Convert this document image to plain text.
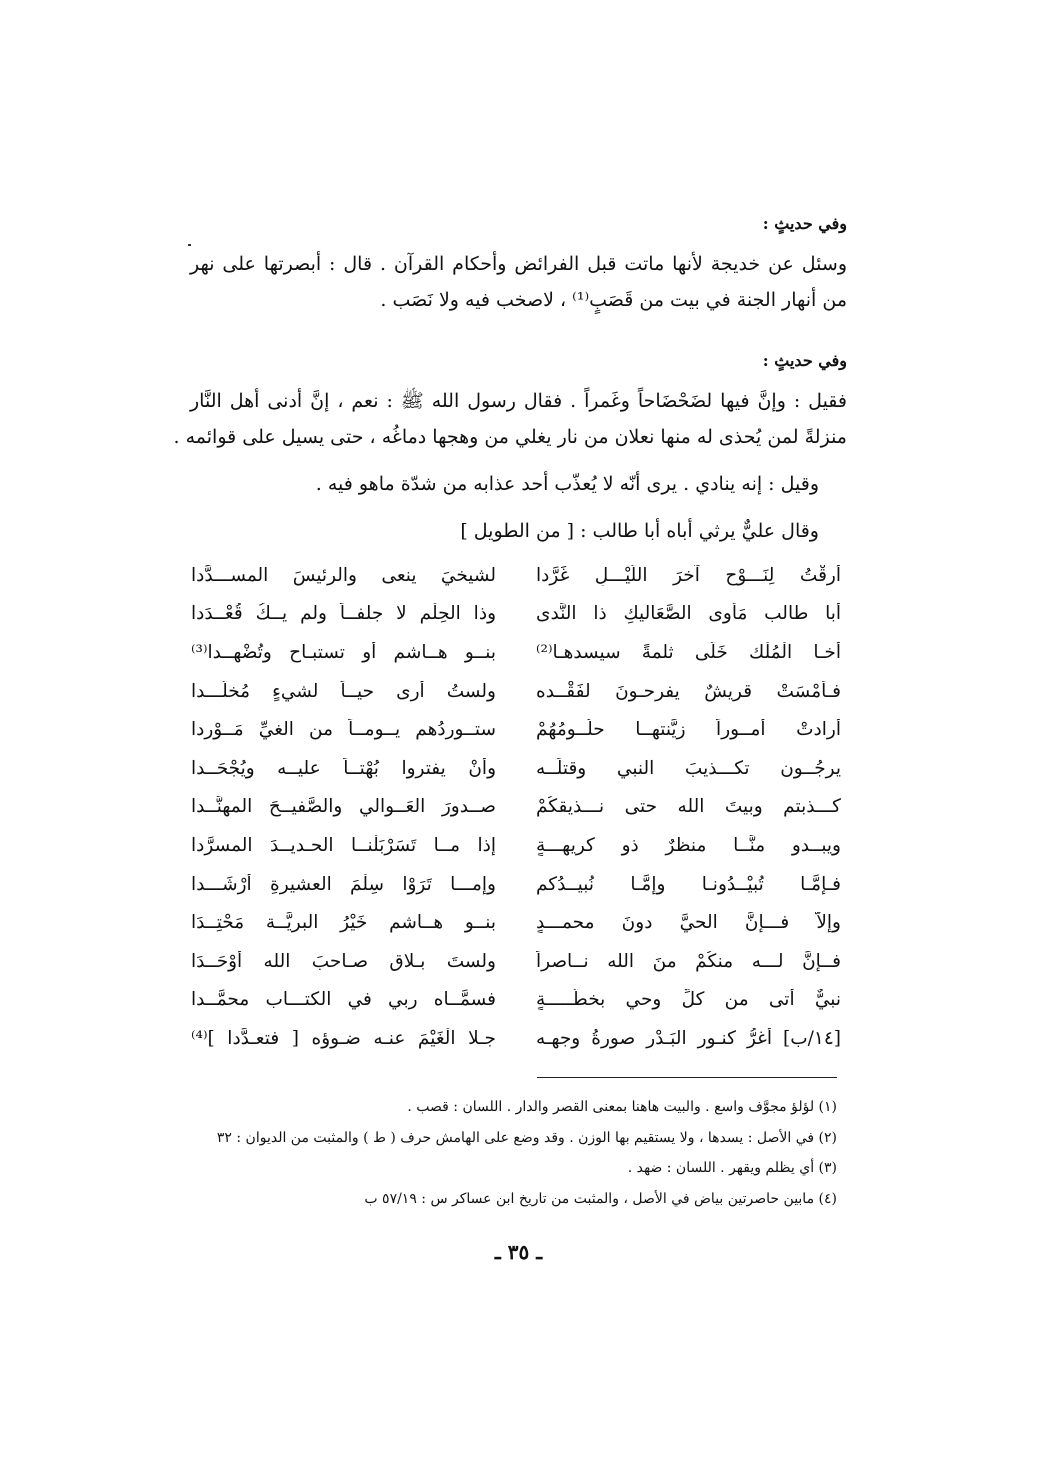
وفي حديثٍ :
وسئل عن خديجة لأنها ماتت قبل الفرائض وأحكام القرآن . قال : أبصرتها على نهر
من أنهار الجنة في بيت من قَصَبٍ⁽¹⁾ ، لاصخب فيه ولا نَصَب .
وفي حديثٍ :
فقيل : وإنَّ فيها لضَحْضَاحاً وغَمراً . فقال رسول الله ﷺ : نعم ، إنَّ أدنى أهل النَّار
منزلةً لمن يُحذى له منها نعلان من نار يغلي من وهجها دماغُه ، حتى يسيل على قوائمه .
وقيل : إنه ينادي . يرى أنّه لا يُعذّب أحد عذابه من شدّة ماهو فيه .
وقال عليٌّ يرثي أباه أبا طالب : [ من الطويل ]
أرِقْتُ لِنَـــوْحٍ آخرَ اللَّيْـــلِ غَرَّدا
لشيخيَ ينعى والرئيسَ المســـدَّدا
أبا طالب مَأْوى الصَّعَاليكِ ذا النَّدى
وذا الحِلْم لا جلفــاً ولم يــكُ قُعْــدَدا
أخـا الْمُلْك خَلَّى ثلمةً سيسدهـا⁽²⁾
بنــو هــاشم أو تستبـاح وتُضْهــدا⁽³⁾
فـأمْسَتْ قريشٌ يفرحـونَ لفَقْــده
ولستُ أرى حيــاً لشيءٍ مُخلَّـــدا
أرادتْ أمــوراً زيَّنتهــا حلُــومُهُمْ
ستــوردُهم يــومــاً من الغيِّ مَــوْردا
يرجُــون تكـــذيبَ النبي وقتلَــه
وأنْ يفتروا بُهْتــاً عليــه ويُجْحَــدا
كـــذبتم وبيتَ الله حتى نـــذيقكُمْ
صــدورَ العَــوالي والصَّفيــحَ المهنَّــدا
ويبــدو منَّــا منظرٌ ذو كريهـــةٍ
إذا مــا تَسَرْبَلْنــا الحـديــدَ المسرَّدا
فـإمَّـا تُبيْــدُونـا وإمَّـا نُبيــدُكم
وإمـــا تَرَوْا سِلْمَ العشيرةِ أرْشَـــدا
وإلاَّ فـــإنَّ الحيَّ دونَ محمـــدٍ
بنــو هــاشم خَيْرُ البريَّــة مَحْتِــدَا
فــإنَّ لـــه منكُمْ منَ الله نــاصراً
ولستَ بـلاقٍ صـاحبَ الله أوْحَــدَا
نبيٌّ أتى من كلِّ وحيٍ بخطَّـــــةٍ
فسمَّــاه ربي في الكتـــاب محمَّــدا
[١٤/ب] أغرُّ كنـورِ البَـدْرِ صورةُ وجهـه
جـلا الْغَيْمَ عنـه ضـوؤه [ فتعـدَّدا ]⁽⁴⁾
(١) لؤلؤ مجوَّف واسع . والبيت هاهنا بمعنى القصر والدار . اللسان : قصب .
(٢) في الأصل : يسدها ، ولا يستقيم بها الوزن . وقد وضع على الهامش حرف ( ط ) والمثبت من الديوان : ٣٢
(٣) أي يظلم ويقهر . اللسان : ضهد .
(٤) مابين حاصرتين بياض في الأصل ، والمثبت من تاريخ ابن عساكر س : ٥٧/١٩ ب
ـ ٣٥ ـ
